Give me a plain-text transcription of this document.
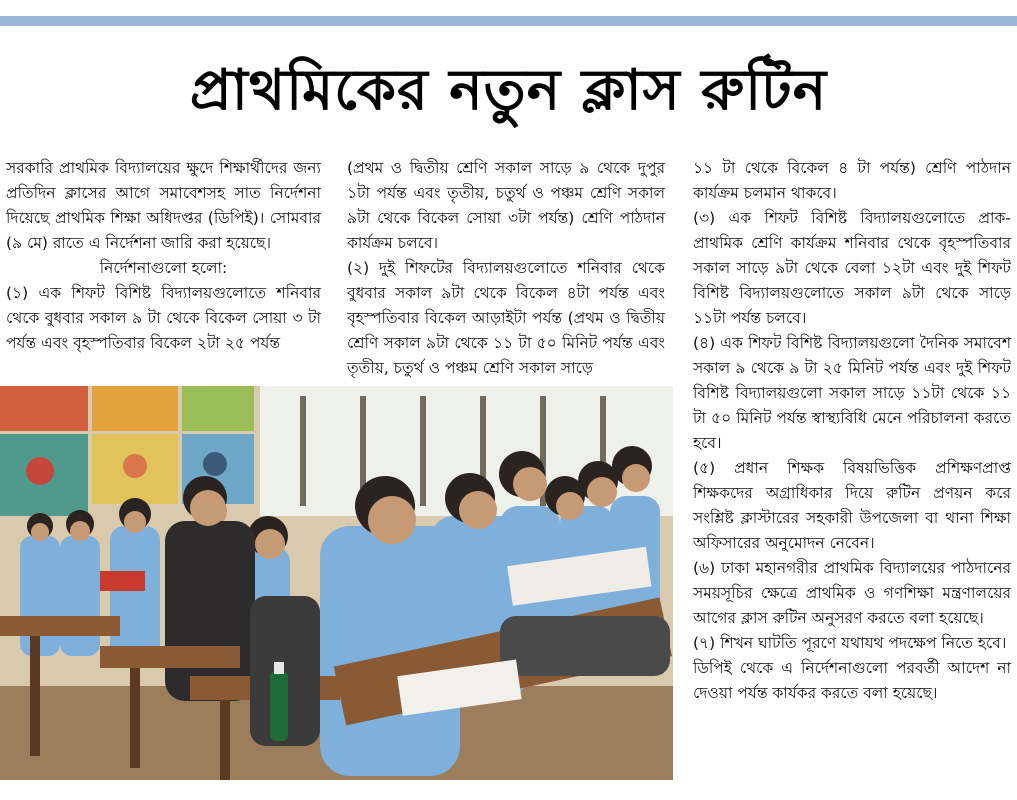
প্রাথমিকের নতুন ক্লাস রুটিন

সরকারি প্রাথমিক বিদ্যালয়ের ক্ষুদে শিক্ষার্থীদের জন্য প্রতিদিন ক্লাসের আগে সমাবেশসহ সাত নির্দেশনা দিয়েছে প্রাথমিক শিক্ষা অধিদপ্তর (ডিপিই)। সোমবার (৯ মে) রাতে এ নির্দেশনা জারি করা হয়েছে।

নির্দেশনাগুলো হলো:

(১) এক শিফট বিশিষ্ট বিদ্যালয়গুলোতে শনিবার থেকে বুধবার সকাল ৯ টা থেকে বিকেল সোয়া ৩ টা পর্যন্ত এবং বৃহস্পতিবার বিকেল ২টা ২৫ পর্যন্ত

(প্রথম ও দ্বিতীয় শ্রেণি সকাল সাড়ে ৯ থেকে দুপুর ১টা পর্যন্ত এবং তৃতীয়, চতুর্থ ও পঞ্চম শ্রেণি সকাল ৯টা থেকে বিকেল সোয়া ৩টা পর্যন্ত) শ্রেণি পাঠদান কার্যক্রম চলবে।

(২) দুই শিফটের বিদ্যালয়গুলোতে শনিবার থেকে বুধবার সকাল ৯টা থেকে বিকেল ৪টা পর্যন্ত এবং বৃহস্পতিবার বিকেল আড়াইটা পর্যন্ত (প্রথম ও দ্বিতীয় শ্রেণি সকাল ৯টা থেকে ১১ টা ৫০ মিনিট পর্যন্ত এবং তৃতীয়, চতুর্থ ও পঞ্চম শ্রেণি সকাল সাড়ে

১১ টা থেকে বিকেল ৪ টা পর্যন্ত) শ্রেণি পাঠদান কার্যক্রম চলমান থাকবে।

(৩) এক শিফট বিশিষ্ট বিদ্যালয়গুলোতে প্রাক-প্রাথমিক শ্রেণি কার্যক্রম শনিবার থেকে বৃহস্পতিবার সকাল সাড়ে ৯টা থেকে বেলা ১২টা এবং দুই শিফট বিশিষ্ট বিদ্যালয়গুলোতে সকাল ৯টা থেকে সাড়ে ১১টা পর্যন্ত চলবে।

(৪) এক শিফট বিশিষ্ট বিদ্যালয়গুলো দৈনিক সমাবেশ সকাল ৯ থেকে ৯ টা ২৫ মিনিট পর্যন্ত এবং দুই শিফট বিশিষ্ট বিদ্যালয়গুলো সকাল সাড়ে ১১টা থেকে ১১ টা ৫০ মিনিট পর্যন্ত স্বাস্থ্যবিধি মেনে পরিচালনা করতে হবে।

(৫) প্রধান শিক্ষক বিষয়ভিত্তিক প্রশিক্ষণপ্রাপ্ত শিক্ষকদের অগ্রাধিকার দিয়ে রুটিন প্রণয়ন করে সংশ্লিষ্ট ক্লাস্টারের সহকারী উপজেলা বা থানা শিক্ষা অফিসারের অনুমোদন নেবেন।

(৬) ঢাকা মহানগরীর প্রাথমিক বিদ্যালয়ের পাঠদানের সময়সূচির ক্ষেত্রে প্রাথমিক ও গণশিক্ষা মন্ত্রণালয়ের আগের ক্লাস রুটিন অনুসরণ করতে বলা হয়েছে।

(৭) শিখন ঘাটতি পূরণে যথাযথ পদক্ষেপ নিতে হবে।

ডিপিই থেকে এ নির্দেশনাগুলো পরবর্তী আদেশ না দেওয়া পর্যন্ত কার্যকর করতে বলা হয়েছে।
